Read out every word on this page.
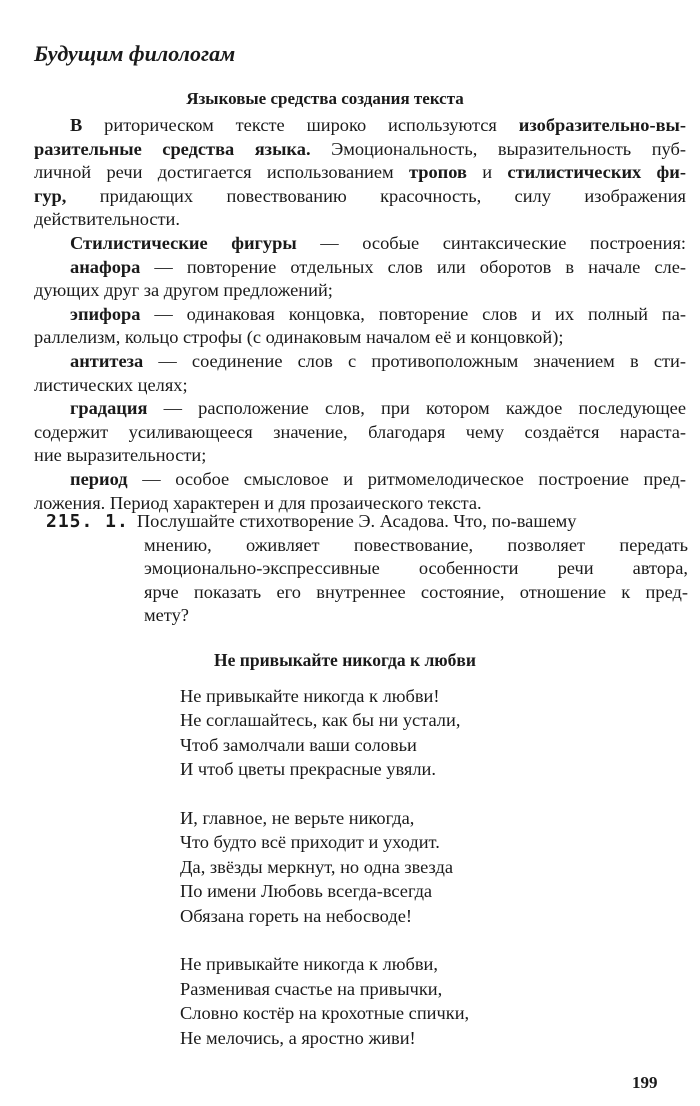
Будущим филологам
Языковые средства создания текста
В риторическом тексте широко используются изобразительно-вы-
разительные средства языка. Эмоциональность, выразительность пуб-
личной речи достигается использованием тропов и стилистических фи-
гур, придающих повествованию красочность, силу изображения
действительности.
Стилистические фигуры — особые синтаксические построения:
анафора — повторение отдельных слов или оборотов в начале сле-
дующих друг за другом предложений;
эпифора — одинаковая концовка, повторение слов и их полный па-
раллелизм, кольцо строфы (с одинаковым началом её и концовкой);
антитеза — соединение слов с противоположным значением в сти-
листических целях;
градация — расположение слов, при котором каждое последующее
содержит усиливающееся значение, благодаря чему создаётся нараста-
ние выразительности;
период — особое смысловое и ритмомелодическое построение пред-
ложения. Период характерен и для прозаического текста.
215. 1. Послушайте стихотворение Э. Асадова. Что, по-вашему
мнению, оживляет повествование, позволяет передать
эмоционально-экспрессивные особенности речи автора,
ярче показать его внутреннее состояние, отношение к пред-
мету?
Не привыкайте никогда к любви
Не привыкайте никогда к любви!
Не соглашайтесь, как бы ни устали,
Чтоб замолчали ваши соловьи
И чтоб цветы прекрасные увяли.
И, главное, не верьте никогда,
Что будто всё приходит и уходит.
Да, звёзды меркнут, но одна звезда
По имени Любовь всегда-всегда
Обязана гореть на небосводе!
Не привыкайте никогда к любви,
Разменивая счастье на привычки,
Словно костёр на крохотные спички,
Не мелочись, а яростно живи!
199
